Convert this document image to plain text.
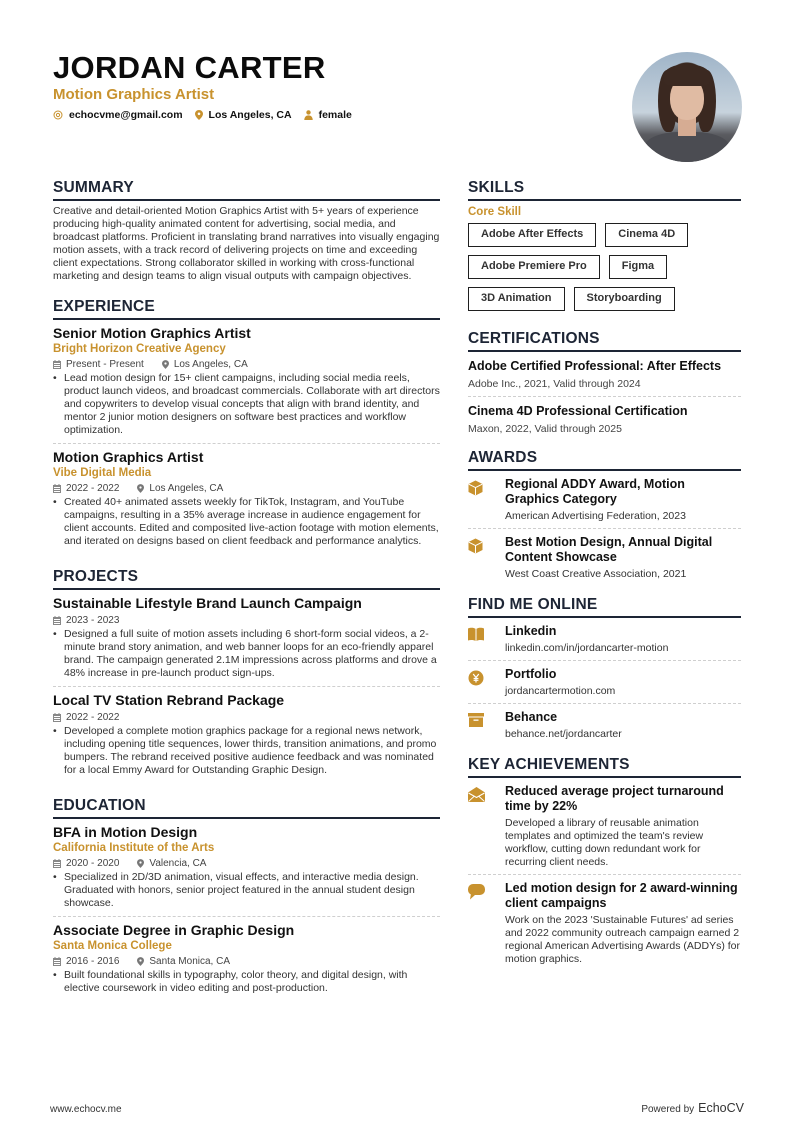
JORDAN CARTER
Motion Graphics Artist
echocvme@gmail.com Los Angeles, CA	female
SUMMARY

Creative and detail-oriented Motion Graphics Artist with 5+ years of experience producing high-quality animated content for advertising, social media, and broadcast platforms. Proficient in translating brand narratives into visually engaging motion assets, with a track record of delivering projects on time and exceeding client expectations. Strong collaborator skilled in working with cross-functional marketing and design teams to align visual outputs with campaign objectives.

EXPERIENCE
Senior Motion Graphics Artist
Bright Horizon Creative Agency
Present - Present	Los Angeles, CA
• Lead motion design for 15+ client campaigns, including social media reels, product launch videos, and broadcast commercials. Collaborate with art directors and copywriters to develop visual concepts that align with brand identity, and mentor 2 junior motion designers on software best practices and workflow optimization.
Motion Graphics Artist
Vibe Digital Media
2022 - 2022	Los Angeles, CA
• Created 40+ animated assets weekly for TikTok, Instagram, and YouTube campaigns, resulting in a 35% average increase in audience engagement for client accounts. Edited and composited live-action footage with motion elements, and iterated on designs based on client feedback and performance analytics.
PROJECTS
Sustainable Lifestyle Brand Launch Campaign
2023 - 2023
• Designed a full suite of motion assets including 6 short-form social videos, a 2-minute brand story animation, and web banner loops for an eco-friendly apparel brand. The campaign generated 2.1M impressions across platforms and drove a 48% increase in pre-launch product sign-ups.
Local TV Station Rebrand Package
2022 - 2022
• Developed a complete motion graphics package for a regional news network, including opening title sequences, lower thirds, transition animations, and promo bumpers. The rebrand received positive audience feedback and was nominated for a local Emmy Award for Outstanding Graphic Design.
EDUCATION
BFA in Motion Design
California Institute of the Arts
2020 - 2020	Valencia, CA
• Specialized in 2D/3D animation, visual effects, and interactive media design. Graduated with honors, senior project featured in the annual student design showcase.
Associate Degree in Graphic Design
Santa Monica College
2016 - 2016	Santa Monica, CA
• Built foundational skills in typography, color theory, and digital design, with elective coursework in video editing and post-production.
SKILLS
Core Skill
Adobe After Effects	Cinema 4D
Adobe Premiere Pro	Figma
3D Animation	Storyboarding
CERTIFICATIONS
Adobe Certified Professional: After Effects
Adobe Inc., 2021, Valid through 2024
Cinema 4D Professional Certification
Maxon, 2022, Valid through 2025
AWARDS
Regional ADDY Award, Motion Graphics Category
American Advertising Federation, 2023
Best Motion Design, Annual Digital Content Showcase
West Coast Creative Association, 2021
FIND ME ONLINE
Linkedin
linkedin.com/in/jordancarter-motion
Portfolio
jordancartermotion.com
Behance
behance.net/jordancarter
KEY ACHIEVEMENTS
Reduced average project turnaround time by 22%
Developed a library of reusable animation templates and optimized the team's review workflow, cutting down redundant work for recurring client needs.
Led motion design for 2 award-winning client campaigns
Work on the 2023 'Sustainable Futures' ad series and 2022 community outreach campaign earned 2 regional American Advertising Awards (ADDYs) for motion graphics.
www.echocv.me	Powered by EchoCV
